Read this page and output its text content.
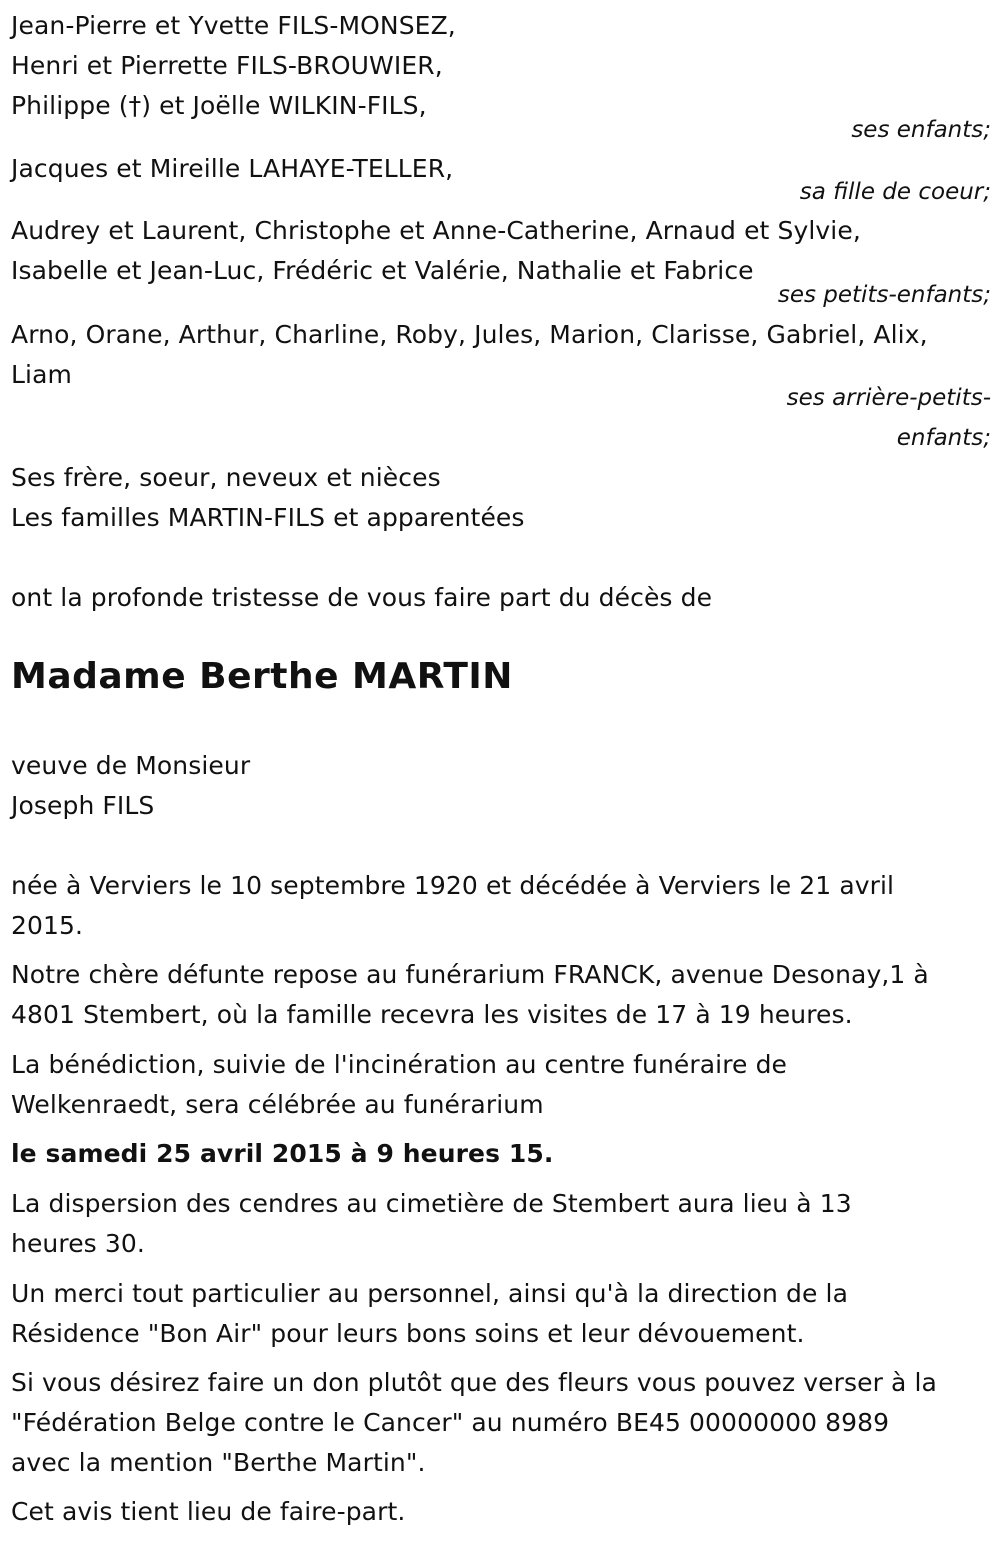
Jean-Pierre et Yvette FILS-MONSEZ,
Henri et Pierrette FILS-BROUWIER,
Philippe (†) et Joëlle WILKIN-FILS,
ses enfants;
Jacques et Mireille LAHAYE-TELLER,
sa fille de coeur;
Audrey et Laurent, Christophe et Anne-Catherine, Arnaud et Sylvie,
Isabelle et Jean-Luc, Frédéric et Valérie, Nathalie et Fabrice
ses petits-enfants;
Arno, Orane, Arthur, Charline, Roby, Jules, Marion, Clarisse, Gabriel, Alix,
Liam
ses arrière-petits-
enfants;
Ses frère, soeur, neveux et nièces
Les familles MARTIN-FILS et apparentées
ont la profonde tristesse de vous faire part du décès de
Madame Berthe MARTIN
veuve de Monsieur
Joseph FILS
née à Verviers le 10 septembre 1920 et décédée à Verviers le 21 avril
2015.
Notre chère défunte repose au funérarium FRANCK, avenue Desonay,1 à
4801 Stembert, où la famille recevra les visites de 17 à 19 heures.
La bénédiction, suivie de l'incinération au centre funéraire de
Welkenraedt, sera célébrée au funérarium
le samedi 25 avril 2015 à 9 heures 15.
La dispersion des cendres au cimetière de Stembert aura lieu à 13
heures 30.
Un merci tout particulier au personnel, ainsi qu'à la direction de la
Résidence "Bon Air" pour leurs bons soins et leur dévouement.
Si vous désirez faire un don plutôt que des fleurs vous pouvez verser à la
"Fédération Belge contre le Cancer" au numéro BE45 00000000 8989
avec la mention "Berthe Martin".
Cet avis tient lieu de faire-part.
